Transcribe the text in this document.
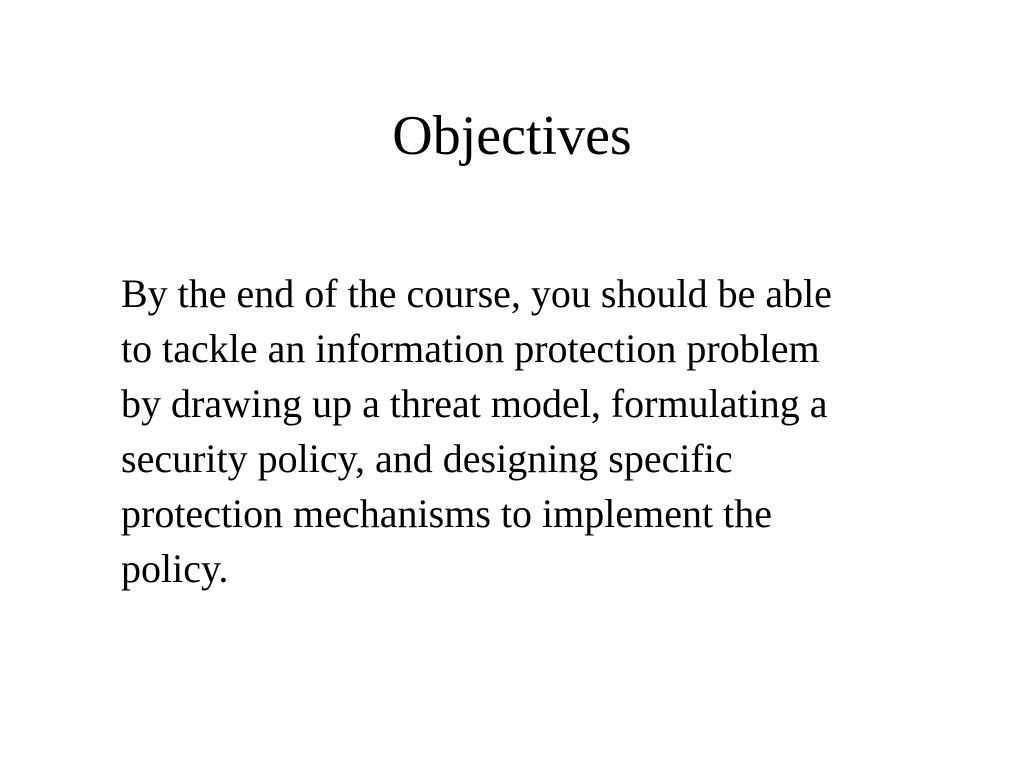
Objectives

By the end of the course, you should be able
to tackle an information protection problem
by drawing up a threat model, formulating a
security policy, and designing specific
protection mechanisms to implement the
policy.
